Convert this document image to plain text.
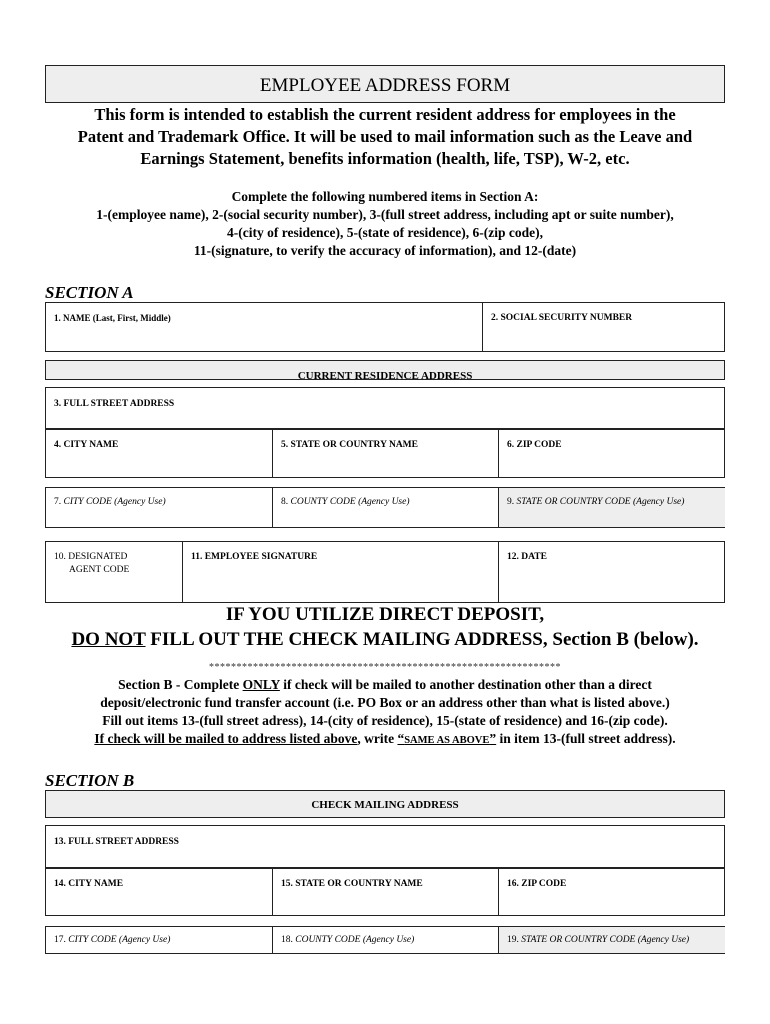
EMPLOYEE ADDRESS FORM
This form is intended to establish the current resident address for employees in the
Patent and Trademark Office. It will be used to mail information such as the Leave and
Earnings Statement, benefits information (health, life, TSP), W-2, etc.
Complete the following numbered items in Section A:
1-(employee name), 2-(social security number), 3-(full street address, including apt or suite number),
4-(city of residence), 5-(state of residence), 6-(zip code),
11-(signature, to verify the accuracy of information), and 12-(date)
SECTION A
1. NAME (Last, First, Middle)	2. SOCIAL SECURITY NUMBER
CURRENT RESIDENCE ADDRESS
3. FULL STREET ADDRESS
4. CITY NAME	5. STATE OR COUNTRY NAME	6. ZIP CODE
7. CITY CODE (Agency Use)	8. COUNTY CODE (Agency Use)	9. STATE OR COUNTRY CODE (Agency Use)
10. DESIGNATED
AGENT CODE
11. EMPLOYEE SIGNATURE	12. DATE
IF YOU UTILIZE DIRECT DEPOSIT,
DO NOT FILL OUT THE CHECK MAILING ADDRESS, Section B (below).
****************************************************************
Section B - Complete ONLY if check will be mailed to another destination other than a direct
deposit/electronic fund transfer account (i.e. PO Box or an address other than what is listed above.)
Fill out items 13-(full street adress), 14-(city of residence), 15-(state of residence) and 16-(zip code).
If check will be mailed to address listed above, write “SAME AS ABOVE” in item 13-(full street address).
SECTION B
CHECK MAILING ADDRESS
13. FULL STREET ADDRESS
14. CITY NAME	15. STATE OR COUNTRY NAME	16. ZIP CODE
17. CITY CODE (Agency Use)	18. COUNTY CODE (Agency Use)	19. STATE OR COUNTRY CODE (Agency Use)
